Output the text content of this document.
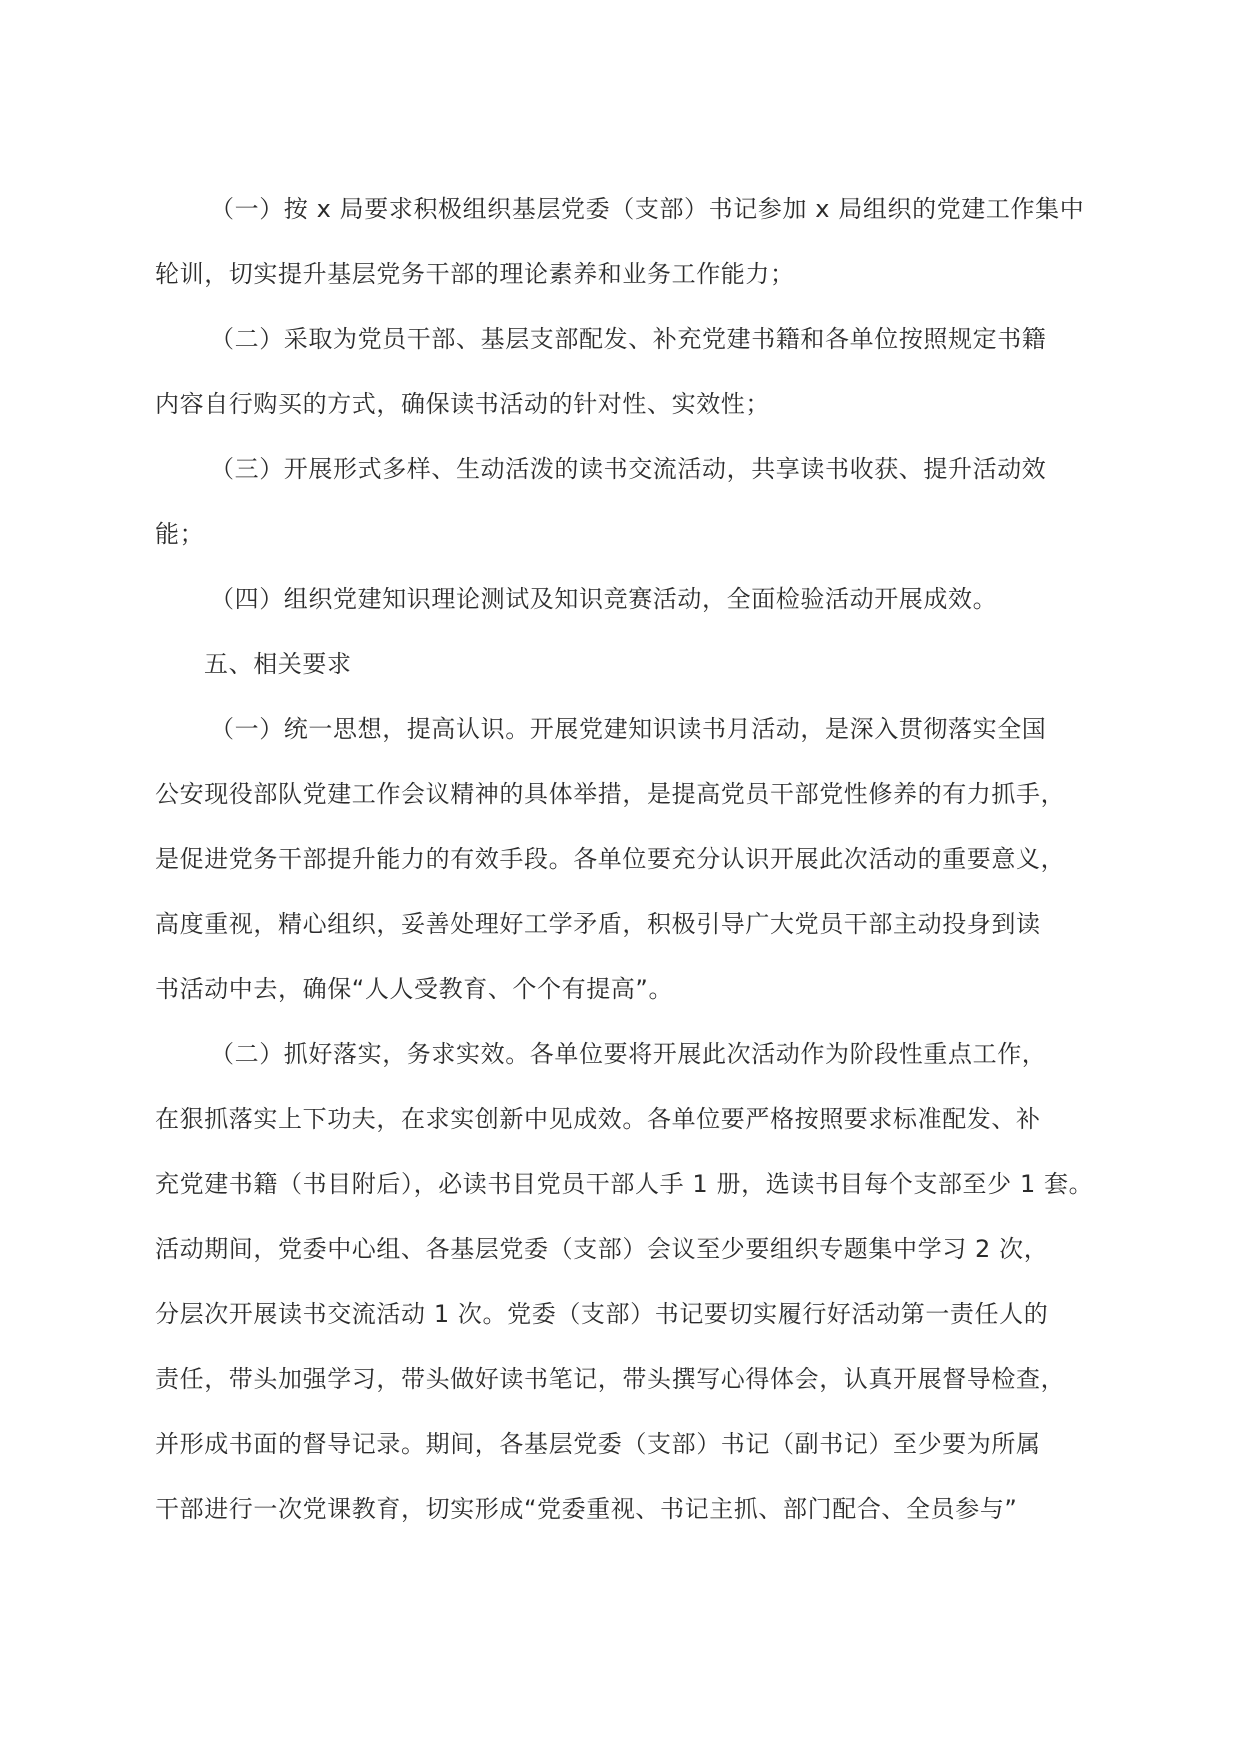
（一）按 x 局要求积极组织基层党委（支部）书记参加 x 局组织的党建工作集中
轮训，切实提升基层党务干部的理论素养和业务工作能力；
（二）采取为党员干部、基层支部配发、补充党建书籍和各单位按照规定书籍
内容自行购买的方式，确保读书活动的针对性、实效性；
（三）开展形式多样、生动活泼的读书交流活动，共享读书收获、提升活动效
能；
（四）组织党建知识理论测试及知识竞赛活动，全面检验活动开展成效。
五、相关要求
（一）统一思想，提高认识。开展党建知识读书月活动，是深入贯彻落实全国
公安现役部队党建工作会议精神的具体举措，是提高党员干部党性修养的有力抓手，
是促进党务干部提升能力的有效手段。各单位要充分认识开展此次活动的重要意义，
高度重视，精心组织，妥善处理好工学矛盾，积极引导广大党员干部主动投身到读
书活动中去，确保“人人受教育、个个有提高”。
（二）抓好落实，务求实效。各单位要将开展此次活动作为阶段性重点工作，
在狠抓落实上下功夫，在求实创新中见成效。各单位要严格按照要求标准配发、补
充党建书籍（书目附后），必读书目党员干部人手 1 册，选读书目每个支部至少 1 套。
活动期间，党委中心组、各基层党委（支部）会议至少要组织专题集中学习 2 次，
分层次开展读书交流活动 1 次。党委（支部）书记要切实履行好活动第一责任人的
责任，带头加强学习，带头做好读书笔记，带头撰写心得体会，认真开展督导检查，
并形成书面的督导记录。期间，各基层党委（支部）书记（副书记）至少要为所属
干部进行一次党课教育，切实形成“党委重视、书记主抓、部门配合、全员参与”
